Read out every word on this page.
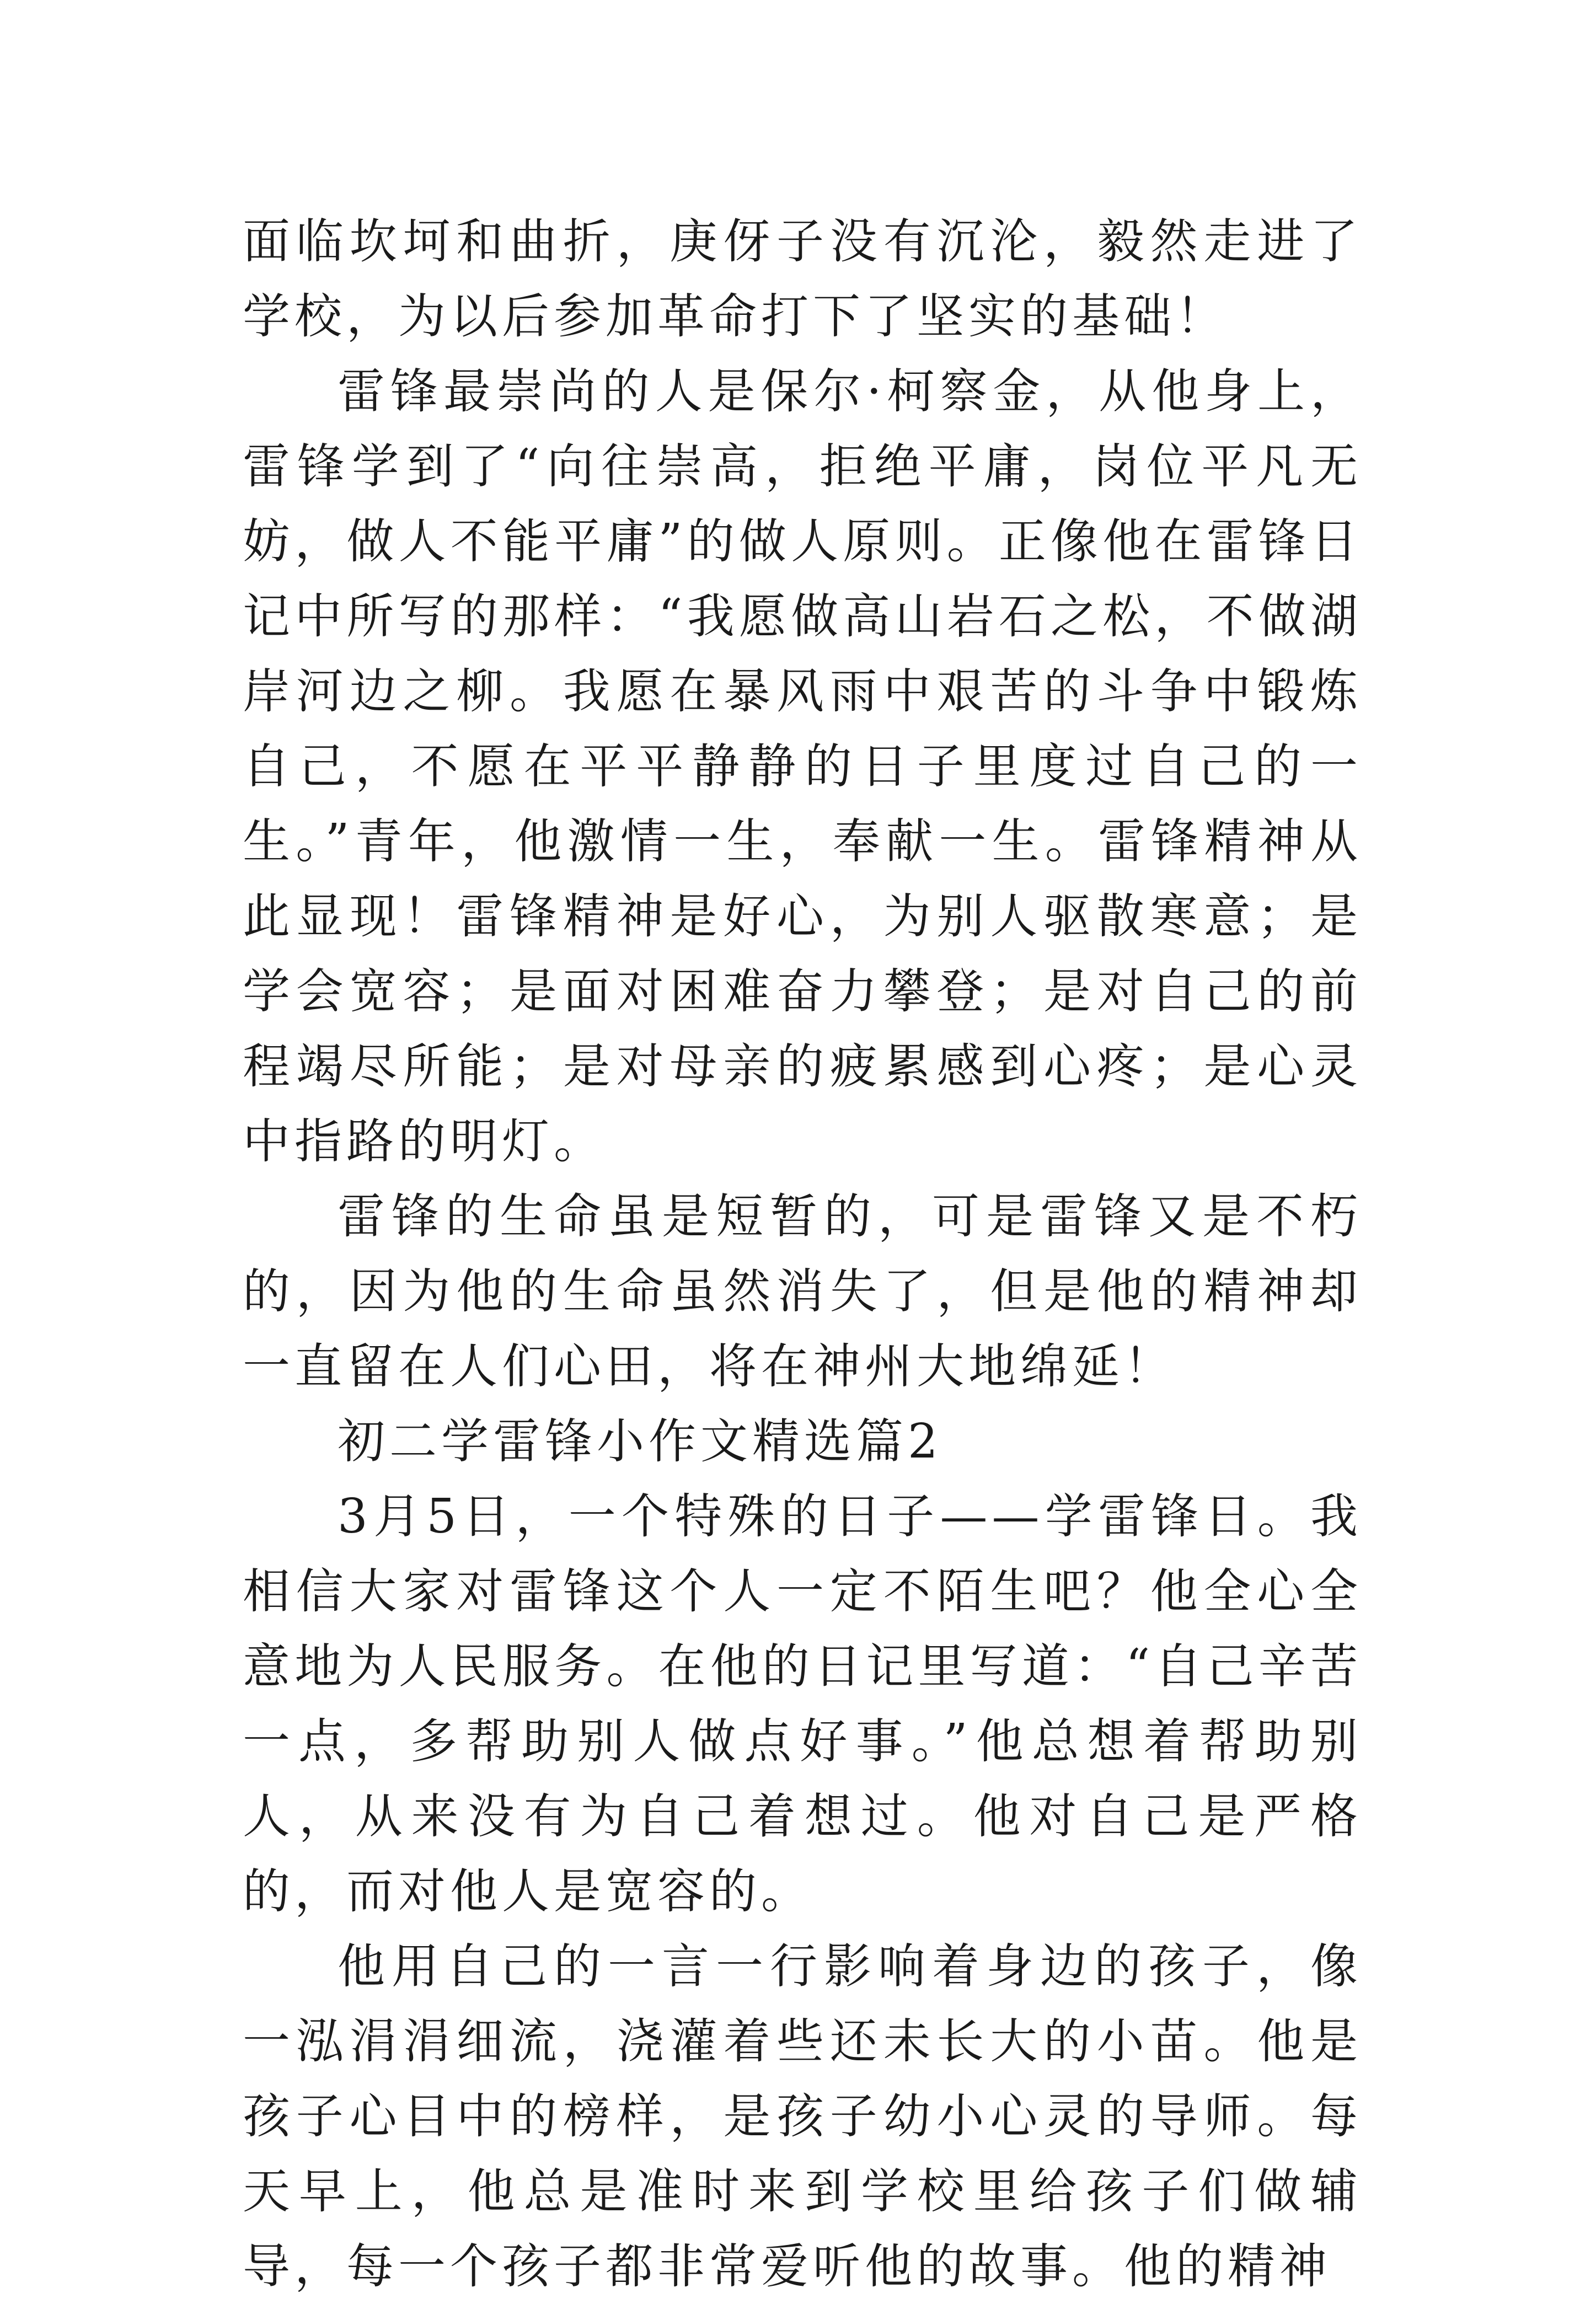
面临坎坷和曲折，庚伢子没有沉沦，毅然走进了学校，为以后参加革命打下了坚实的基础！

雷锋最崇尚的人是保尔·柯察金，从他身上，雷锋学到了“向往崇高，拒绝平庸，岗位平凡无妨，做人不能平庸”的做人原则。正像他在雷锋日记中所写的那样：“我愿做高山岩石之松，不做湖岸河边之柳。我愿在暴风雨中艰苦的斗争中锻炼自己，不愿在平平静静的日子里度过自己的一生。”青年，他激情一生，奉献一生。雷锋精神从此显现！雷锋精神是好心，为别人驱散寒意；是学会宽容；是面对困难奋力攀登；是对自己的前程竭尽所能；是对母亲的疲累感到心疼；是心灵中指路的明灯。

雷锋的生命虽是短暂的，可是雷锋又是不朽的，因为他的生命虽然消失了，但是他的精神却一直留在人们心田，将在神州大地绵延！

初二学雷锋小作文精选篇2

3月5日，一个特殊的日子——学雷锋日。我相信大家对雷锋这个人一定不陌生吧？他全心全意地为人民服务。在他的日记里写道：“自己辛苦一点，多帮助别人做点好事。”他总想着帮助别人，从来没有为自己着想过。他对自己是严格的，而对他人是宽容的。

他用自己的一言一行影响着身边的孩子，像一泓涓涓细流，浇灌着些还未长大的小苗。他是孩子心目中的榜样，是孩子幼小心灵的导师。每天早上，他总是准时来到学校里给孩子们做辅导，每一个孩子都非常爱听他的故事。他的精神
